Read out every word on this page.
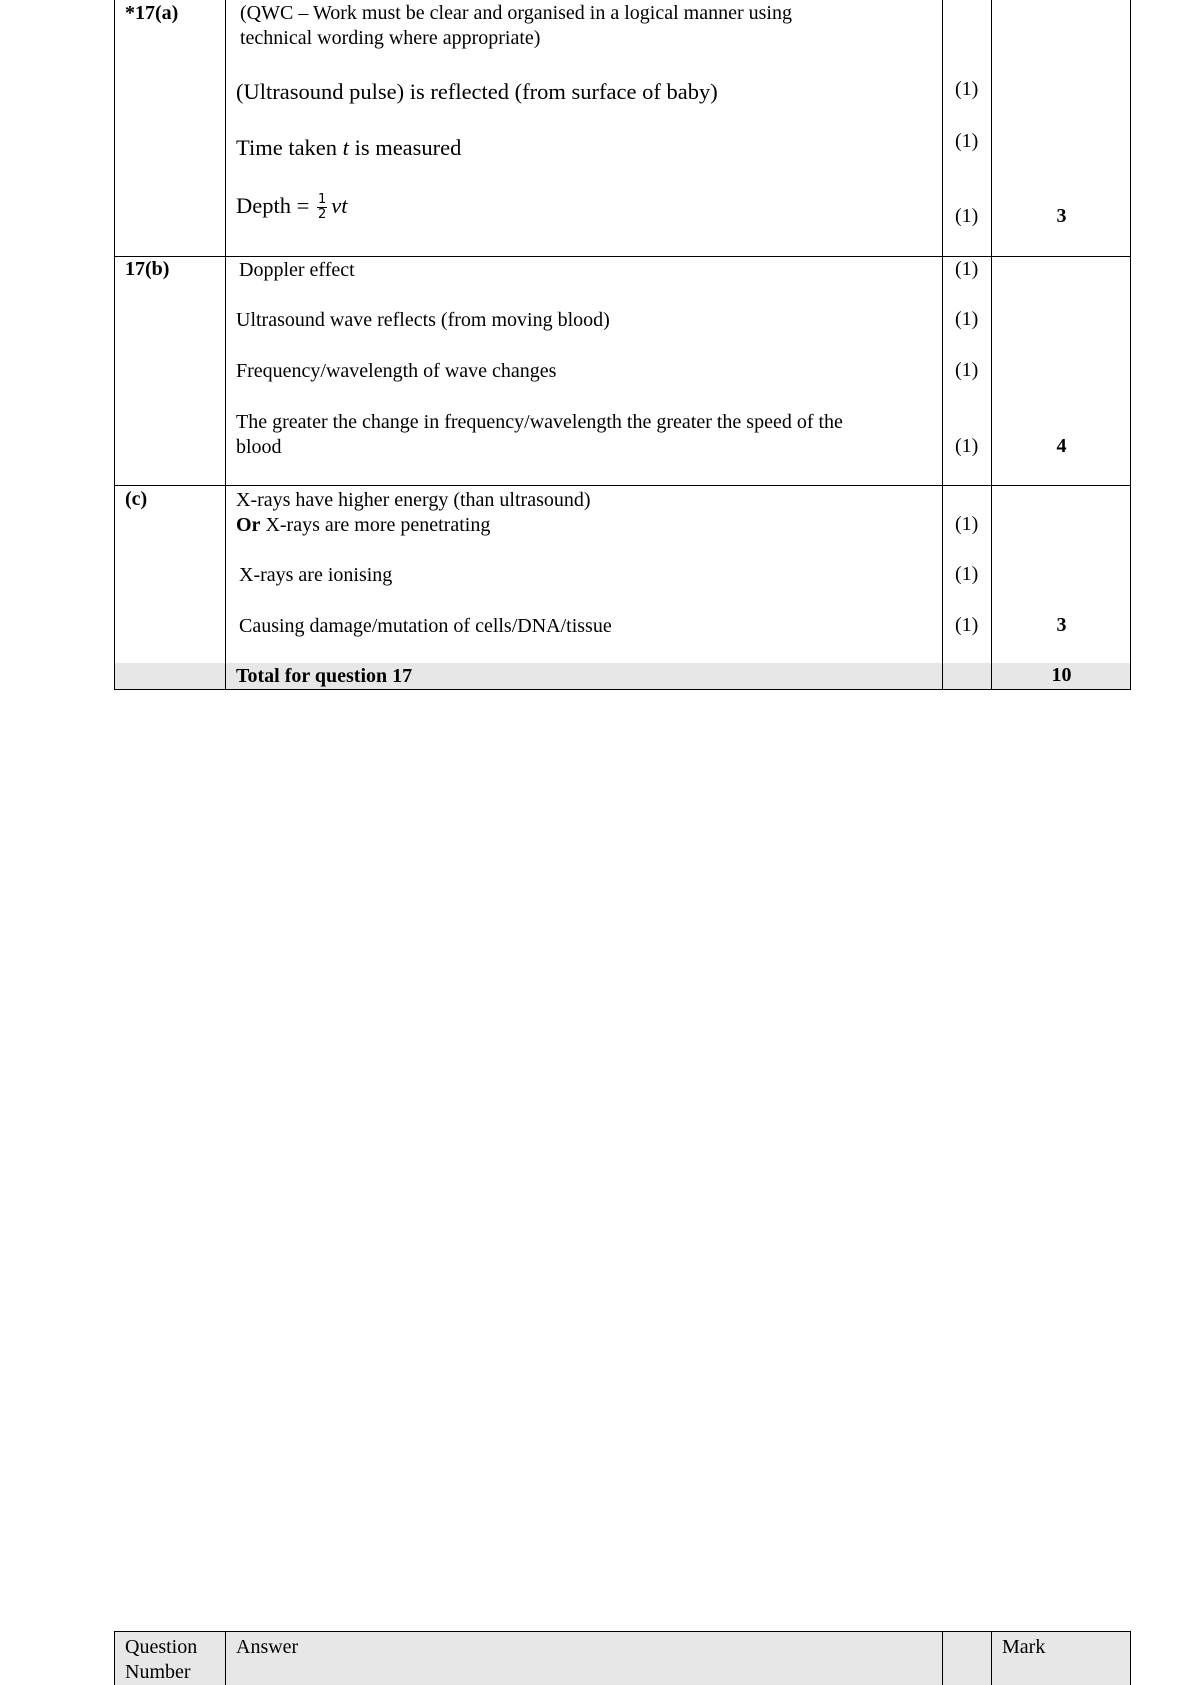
*17(a)	(QWC – Work must be clear and organised in a logical manner using
technical wording where appropriate)
(Ultrasound pulse) is reflected (from surface of baby)	(1)
Time taken t is measured	(1)
Depth = $\frac{1}{2}$ vt	(1)	3
17(b)	Doppler effect	(1)
Ultrasound wave reflects (from moving blood)	(1)
Frequency/wavelength of wave changes	(1)
The greater the change in frequency/wavelength the greater the speed of the
blood	(1)	4
(c)	X-rays have higher energy (than ultrasound)
Or X-rays are more penetrating	(1)
X-rays are ionising	(1)
Causing damage/mutation of cells/DNA/tissue	(1)	3
Total for question 17	10
Question
Number
Answer	Mark
